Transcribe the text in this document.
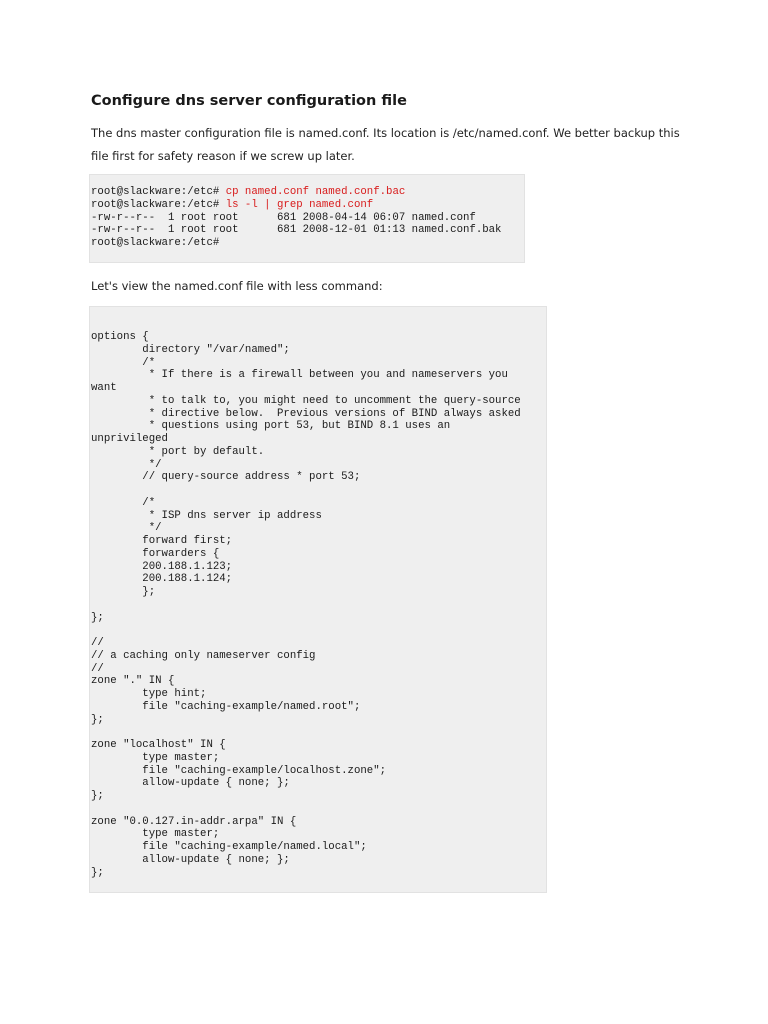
Configure dns server configuration file

The dns master configuration file is named.conf. Its location is /etc/named.conf. We better backup this
file first for safety reason if we screw up later.

root@slackware:/etc# cp named.conf named.conf.bac
root@slackware:/etc# ls -l | grep named.conf
-rw-r--r--  1 root root      681 2008-04-14 06:07 named.conf
-rw-r--r--  1 root root      681 2008-12-01 01:13 named.conf.bak
root@slackware:/etc#

Let's view the named.conf file with less command:

options {
directory "/var/named";
/*
* If there is a firewall between you and nameservers you
want
* to talk to, you might need to uncomment the query-source
* directive below.  Previous versions of BIND always asked
* questions using port 53, but BIND 8.1 uses an
unprivileged
* port by default.
*/
// query-source address * port 53;

/*
* ISP dns server ip address
*/
forward first;
forwarders {
200.188.1.123;
200.188.1.124;
};

};

//
// a caching only nameserver config
//
zone "." IN {
type hint;
file "caching-example/named.root";
};

zone "localhost" IN {
type master;
file "caching-example/localhost.zone";
allow-update { none; };
};

zone "0.0.127.in-addr.arpa" IN {
type master;
file "caching-example/named.local";
allow-update { none; };
};
